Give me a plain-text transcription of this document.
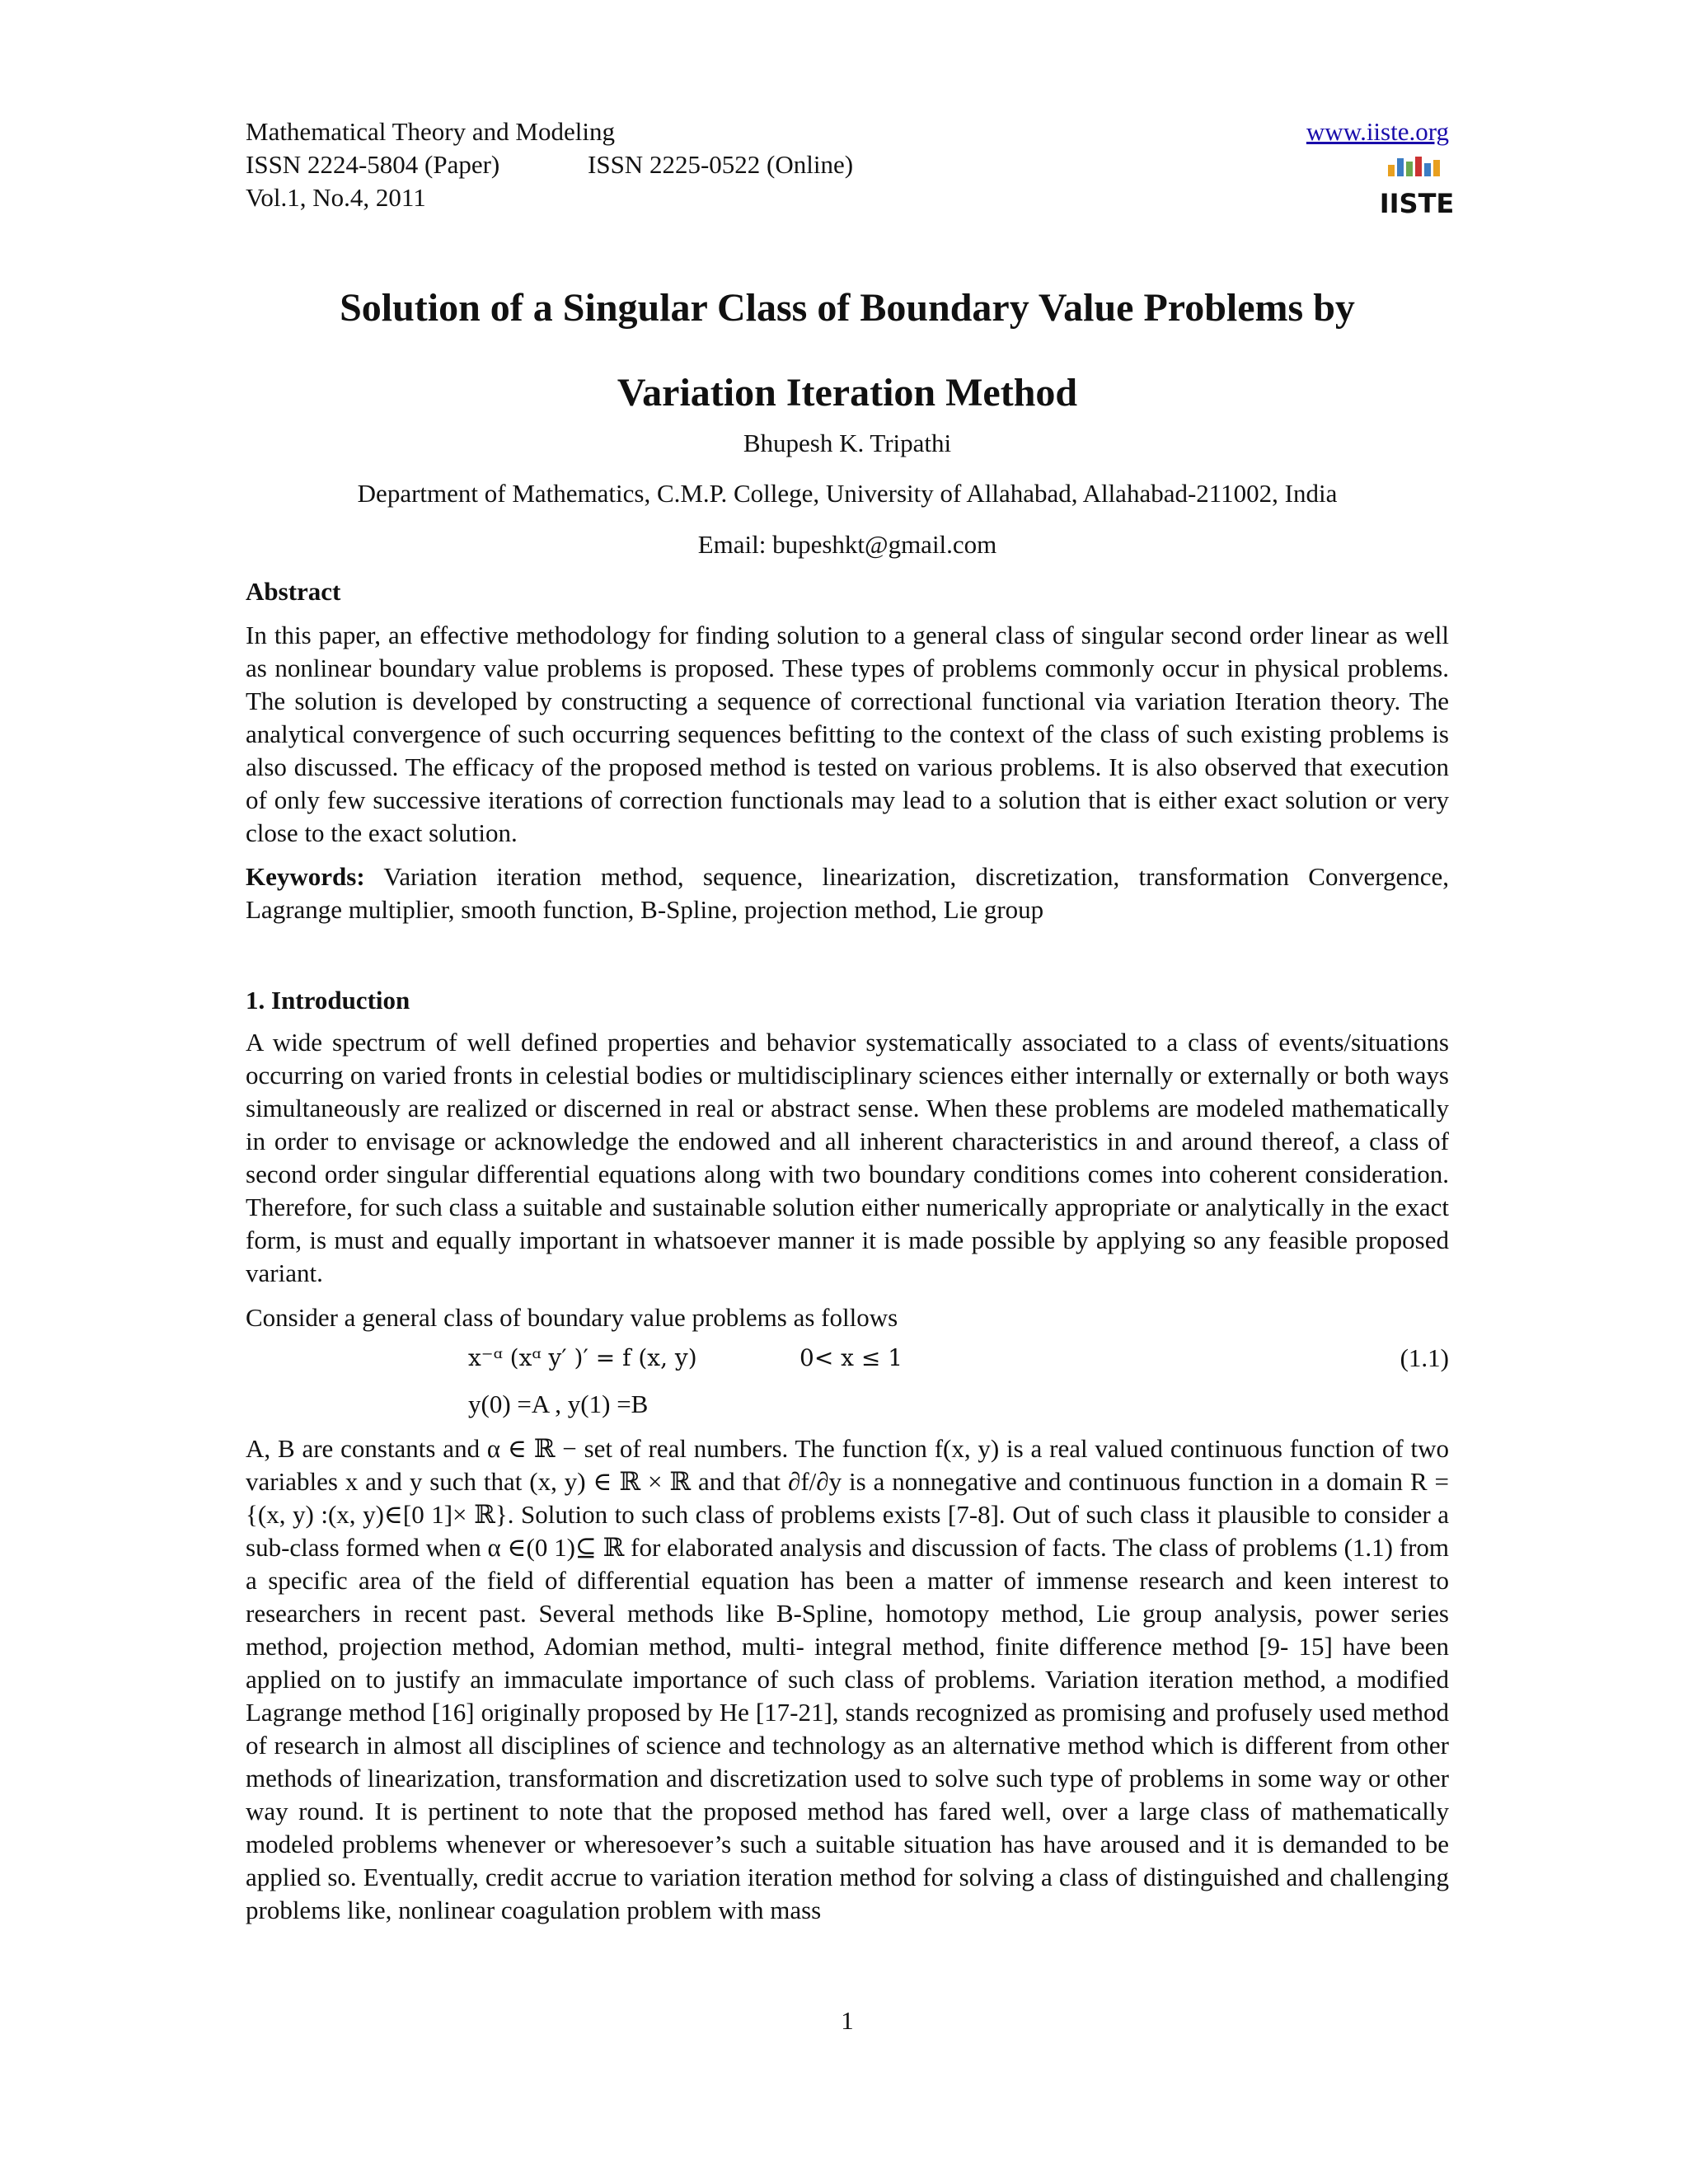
Mathematical Theory and Modeling
ISSN 2224-5804 (Paper)	ISSN 2225-0522 (Online)
Vol.1, No.4, 2011
www.iiste.org
IISTE
Solution of a Singular Class of Boundary Value Problems by
Variation Iteration Method
Bhupesh K. Tripathi
Department of Mathematics, C.M.P. College, University of Allahabad, Allahabad-211002, India
Email: bupeshkt@gmail.com
Abstract
In this paper, an effective methodology for finding solution to a general class of singular second order linear as well as nonlinear boundary value problems is proposed. These types of problems commonly occur in physical problems. The solution is developed by constructing a sequence of correctional functional via variation Iteration theory. The analytical convergence of such occurring sequences befitting to the context of the class of such existing problems is also discussed. The efficacy of the proposed method is tested on various problems. It is also observed that execution of only few successive iterations of correction functionals may lead to a solution that is either exact solution or very close to the exact solution.
Keywords: Variation iteration method, sequence, linearization, discretization, transformation Convergence, Lagrange multiplier, smooth function, B-Spline, projection method, Lie group
1. Introduction
A wide spectrum of well defined properties and behavior systematically associated to a class of events/situations occurring on varied fronts in celestial bodies or multidisciplinary sciences either internally or externally or both ways simultaneously are realized or discerned in real or abstract sense. When these problems are modeled mathematically in order to envisage or acknowledge the endowed and all inherent characteristics in and around thereof, a class of second order singular differential equations along with two boundary conditions comes into coherent consideration. Therefore, for such class a suitable and sustainable solution either numerically appropriate or analytically in the exact form, is must and equally important in whatsoever manner it is made possible by applying so any feasible proposed variant.
Consider a general class of boundary value problems as follows
x⁻ᵅ (xᵅ y′ )′ = f (x, y)	0< x ≤ 1	(1.1)
y(0) =A , y(1) =B
A, B are constants and α ∈ ℝ − set of real numbers. The function f(x, y) is a real valued continuous function of two variables x and y such that (x, y) ∈ ℝ × ℝ and that ∂f/∂y is a nonnegative and continuous function in a domain R = {(x, y) :(x, y)∈[0 1]× ℝ}. Solution to such class of problems exists [7-8]. Out of such class it plausible to consider a sub-class formed when α ∈(0 1)⊆ ℝ for elaborated analysis and discussion of facts. The class of problems (1.1) from a specific area of the field of differential equation has been a matter of immense research and keen interest to researchers in recent past. Several methods like B-Spline, homotopy method, Lie group analysis, power series method, projection method, Adomian method, multi- integral method, finite difference method [9- 15] have been applied on to justify an immaculate importance of such class of problems. Variation iteration method, a modified Lagrange method [16] originally proposed by He [17-21], stands recognized as promising and profusely used method of research in almost all disciplines of science and technology as an alternative method which is different from other methods of linearization, transformation and discretization used to solve such type of problems in some way or other way round. It is pertinent to note that the proposed method has fared well, over a large class of mathematically modeled problems whenever or wheresoever’s such a suitable situation has have aroused and it is demanded to be applied so. Eventually, credit accrue to variation iteration method for solving a class of distinguished and challenging problems like, nonlinear coagulation problem with mass
1
